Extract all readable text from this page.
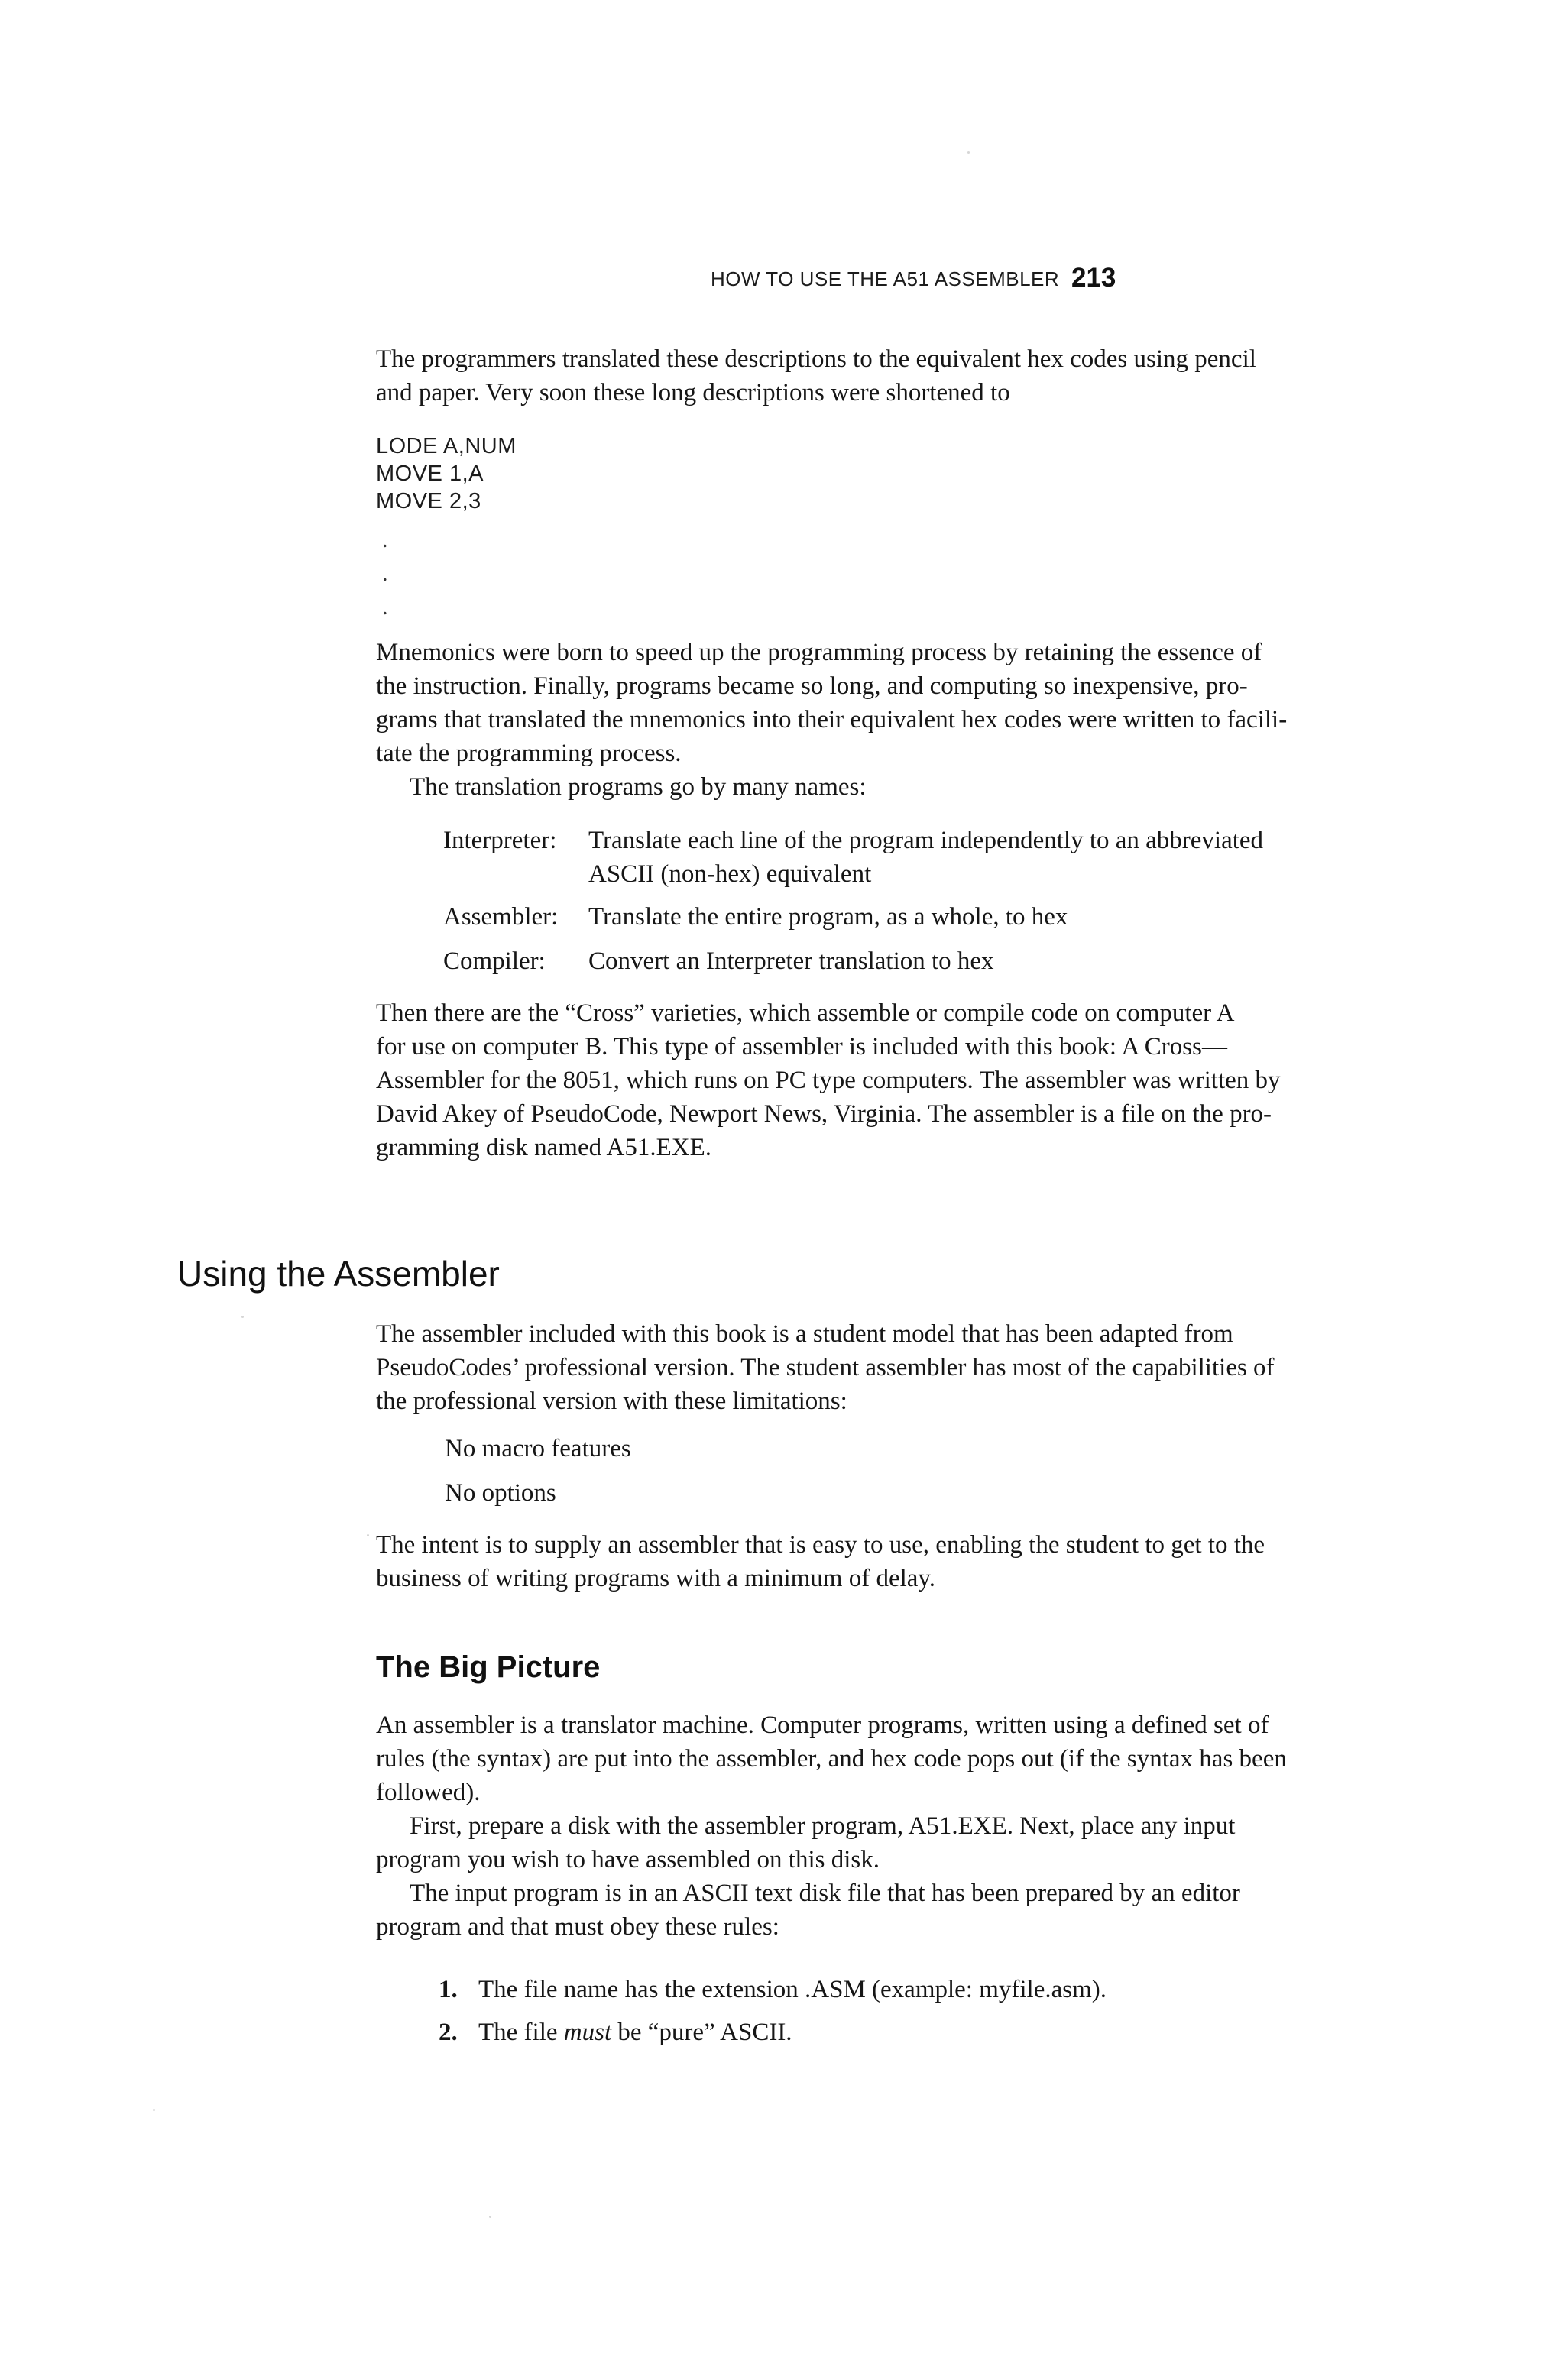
HOW TO USE THE A51 ASSEMBLER 213
The programmers translated these descriptions to the equivalent hex codes using pencil
and paper. Very soon these long descriptions were shortened to
LODE A,NUM
MOVE 1,A
MOVE 2,3
.
.
.
Mnemonics were born to speed up the programming process by retaining the essence of
the instruction. Finally, programs became so long, and computing so inexpensive, pro-
grams that translated the mnemonics into their equivalent hex codes were written to facili-
tate the programming process.
The translation programs go by many names:
Interpreter:	Translate each line of the program independently to an abbreviated
ASCII (non-hex) equivalent
Assembler:	Translate the entire program, as a whole, to hex
Compiler:	Convert an Interpreter translation to hex
Then there are the “Cross” varieties, which assemble or compile code on computer A
for use on computer B. This type of assembler is included with this book: A Cross—
Assembler for the 8051, which runs on PC type computers. The assembler was written by
David Akey of PseudoCode, Newport News, Virginia. The assembler is a file on the pro-
gramming disk named A51.EXE.
Using the Assembler
The assembler included with this book is a student model that has been adapted from
PseudoCodes’ professional version. The student assembler has most of the capabilities of
the professional version with these limitations:
No macro features
No options
The intent is to supply an assembler that is easy to use, enabling the student to get to the
business of writing programs with a minimum of delay.
The Big Picture
An assembler is a translator machine. Computer programs, written using a defined set of
rules (the syntax) are put into the assembler, and hex code pops out (if the syntax has been
followed).
First, prepare a disk with the assembler program, A51.EXE. Next, place any input
program you wish to have assembled on this disk.
The input program is in an ASCII text disk file that has been prepared by an editor
program and that must obey these rules:
1. The file name has the extension .ASM (example: myfile.asm).
2. The file must be “pure” ASCII.
